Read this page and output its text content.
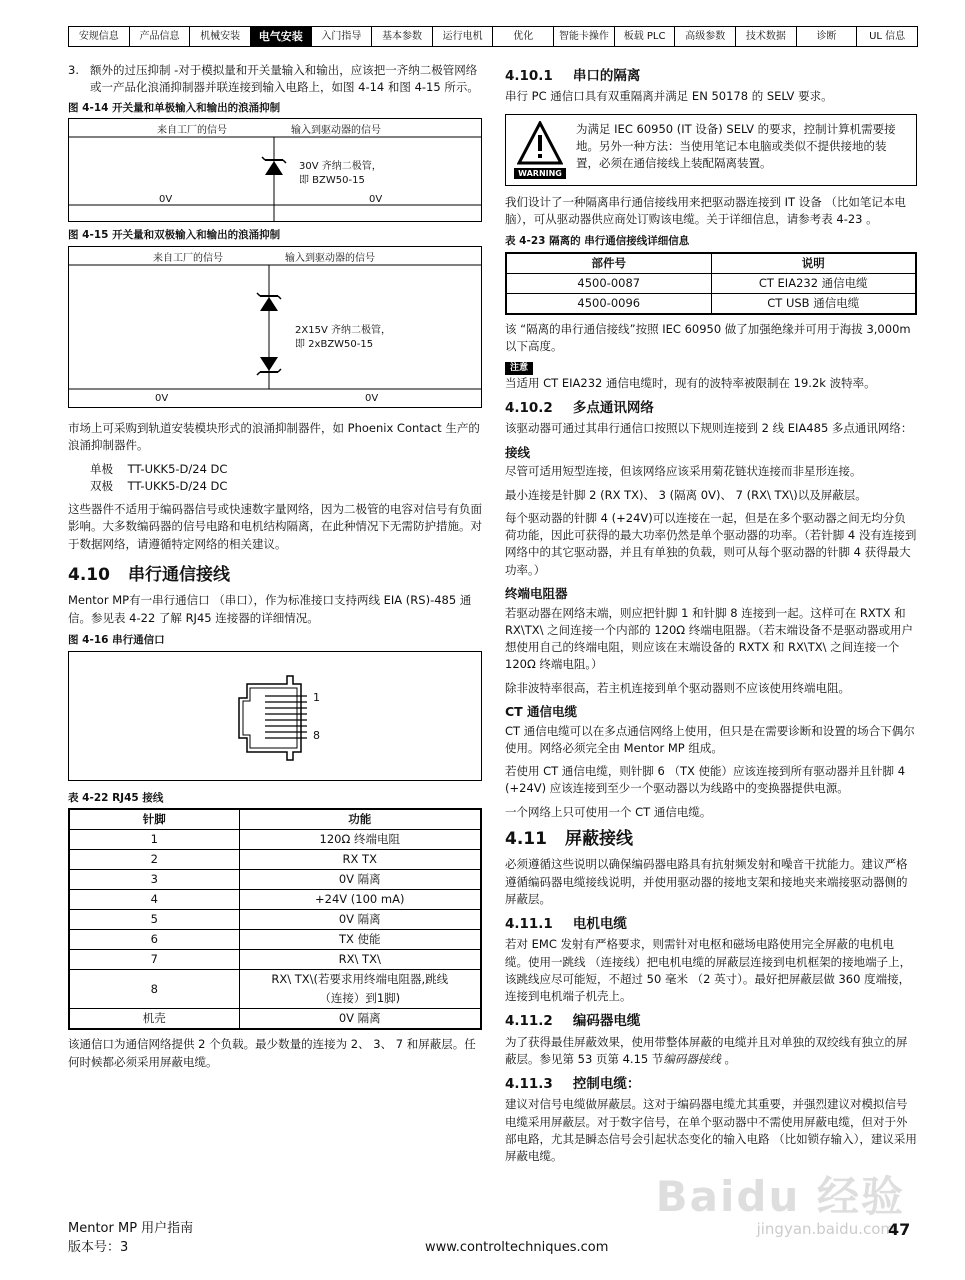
安规信息	产品信息	机械安装	电气安装	入门指导	基本参数	运行电机	优化	智能卡操作	板载 PLC	高级参数	技术数据	诊断	UL 信息
3. 额外的过压抑制 -对于模拟量和开关量输入和输出，应该把一齐纳二极管网络或一产品化浪涌抑制器并联连接到输入电路上，如图 4-14 和图 4-15 所示。
图 4-14 开关量和单极输入和输出的浪涌抑制
来自工厂的信号	输入到驱动器的信号
30V 齐纳二极管，
即 BZW50-15
0V	0V
图 4-15 开关量和双极输入和输出的浪涌抑制
来自工厂的信号	输入到驱动器的信号
2X15V 齐纳二极管，
即 2xBZW50-15
0V	0V

市场上可采购到轨道安装模块形式的浪涌抑制器件，如 Phoenix Contact 生产的浪涌抑制器件。

单极 TT-UKK5-D/24 DC
双极 TT-UKK5-D/24 DC

这些器件不适用于编码器信号或快速数字量网络，因为二极管的电容对信号有负面影响。大多数编码器的信号电路和电机结构隔离，在此种情况下无需防护措施。对于数据网络，请遵循特定网络的相关建议。

4.10 串行通信接线

Mentor MP有一串行通信口 （串口），作为标准接口支持两线 EIA (RS)-485 通信。参见表 4-22 了解 RJ45 连接器的详细情况。

图 4-16 串行通信口
1
8
表 4-22 RJ45 接线
针脚	功能
1	120Ω 终端电阻
2	RX TX
3	0V 隔离
4	+24V (100 mA)
5	0V 隔离
6	TX 使能
7	RX\ TX\
8	RX\ TX\(若要求用终端电阻器,跳线
（连接）到1脚)

机壳	0V 隔离

该通信口为通信网络提供 2 个负载。最少数量的连接为 2、 3、 7 和屏蔽层。任何时候都必须采用屏蔽电缆。

4.10.1 串口的隔离

串行 PC 通信口具有双重隔离并满足 EN 50178 的 SELV 要求。

WARNING
为满足 IEC 60950 (IT 设备) SELV 的要求，控制计算机需要接地。另外一种方法：当使用笔记本电脑或类似不提供接地的装置，必须在通信接线上装配隔离装置。

我们设计了一种隔离串行通信接线用来把驱动器连接到 IT 设备 （比如笔记本电脑），可从驱动器供应商处订购该电缆。关于详细信息，请参考表 4-23 。

表 4-23 隔离的 串行通信接线详细信息
部件号	说明
4500-0087	CT EIA232 通信电缆
4500-0096	CT USB 通信电缆

该 “隔离的串行通信接线”按照 IEC 60950 做了加强绝缘并可用于海拔 3,000m 以下高度。

注意

当适用 CT EIA232 通信电缆时，现有的波特率被限制在 19.2k 波特率。

4.10.2 多点通讯网络

该驱动器可通过其串行通信口按照以下规则连接到 2 线 EIA485 多点通讯网络：

接线

尽管可适用短型连接，但该网络应该采用菊花链状连接而非星形连接。

最小连接是针脚 2 (RX TX)、 3 (隔离 0V)、 7 (RX\ TX\)以及屏蔽层。

每个驱动器的针脚 4 (+24V)可以连接在一起，但是在多个驱动器之间无均分负荷功能，因此可获得的最大功率仍然是单个驱动器的功率。（若针脚 4 没有连接到网络中的其它驱动器，并且有单独的负载，则可从每个驱动器的针脚 4 获得最大功率。）

终端电阻器

若驱动器在网络末端，则应把针脚 1 和针脚 8 连接到一起。这样可在 RXTX 和 RX\TX\ 之间连接一个内部的 120Ω 终端电阻器。（若末端设备不是驱动器或用户想使用自己的终端电阻，则应该在末端设备的 RXTX 和 RX\TX\ 之间连接一个 120Ω 终端电阻。）

除非波特率很高，若主机连接到单个驱动器则不应该使用终端电阻。

CT 通信电缆

CT 通信电缆可以在多点通信网络上使用，但只是在需要诊断和设置的场合下偶尔使用。网络必须完全由 Mentor MP 组成。

若使用 CT 通信电缆，则针脚 6 （TX 使能）应该连接到所有驱动器并且针脚 4 (+24V) 应该连接到至少一个驱动器以为线路中的变换器提供电源。

一个网络上只可使用一个 CT 通信电缆。

4.11 屏蔽接线

必须遵循这些说明以确保编码器电路具有抗射频发射和噪音干扰能力。建议严格遵循编码器电缆接线说明，并使用驱动器的接地支架和接地夹来端接驱动器侧的屏蔽层。

4.11.1 电机电缆

若对 EMC 发射有严格要求，则需针对电枢和磁场电路使用完全屏蔽的电机电缆。使用一跳线 （连接线）把电机电缆的屏蔽层连接到电机框架的接地端子上，该跳线应尽可能短，不超过 50 毫米 （2 英寸）。最好把屏蔽层做 360 度端接，连接到电机端子机壳上。

4.11.2 编码器电缆

为了获得最佳屏蔽效果，使用带整体屏蔽的电缆并且对单独的双绞线有独立的屏蔽层。参见第 53 页第 4.15 节编码器接线 。

4.11.3 控制电缆：

建议对信号电缆做屏蔽层。这对于编码器电缆尤其重要，并强烈建议对模拟信号电缆采用屏蔽层。对于数字信号，在单个驱动器中不需使用屏蔽电缆，但对于外部电路，尤其是瞬态信号会引起状态变化的输入电路 （比如锁存输入），建议采用屏蔽电缆。

Baidu 经验
jingyan.baidu.com
Mentor MP 用户指南
版本号：3	www.controltechniques.com
47
